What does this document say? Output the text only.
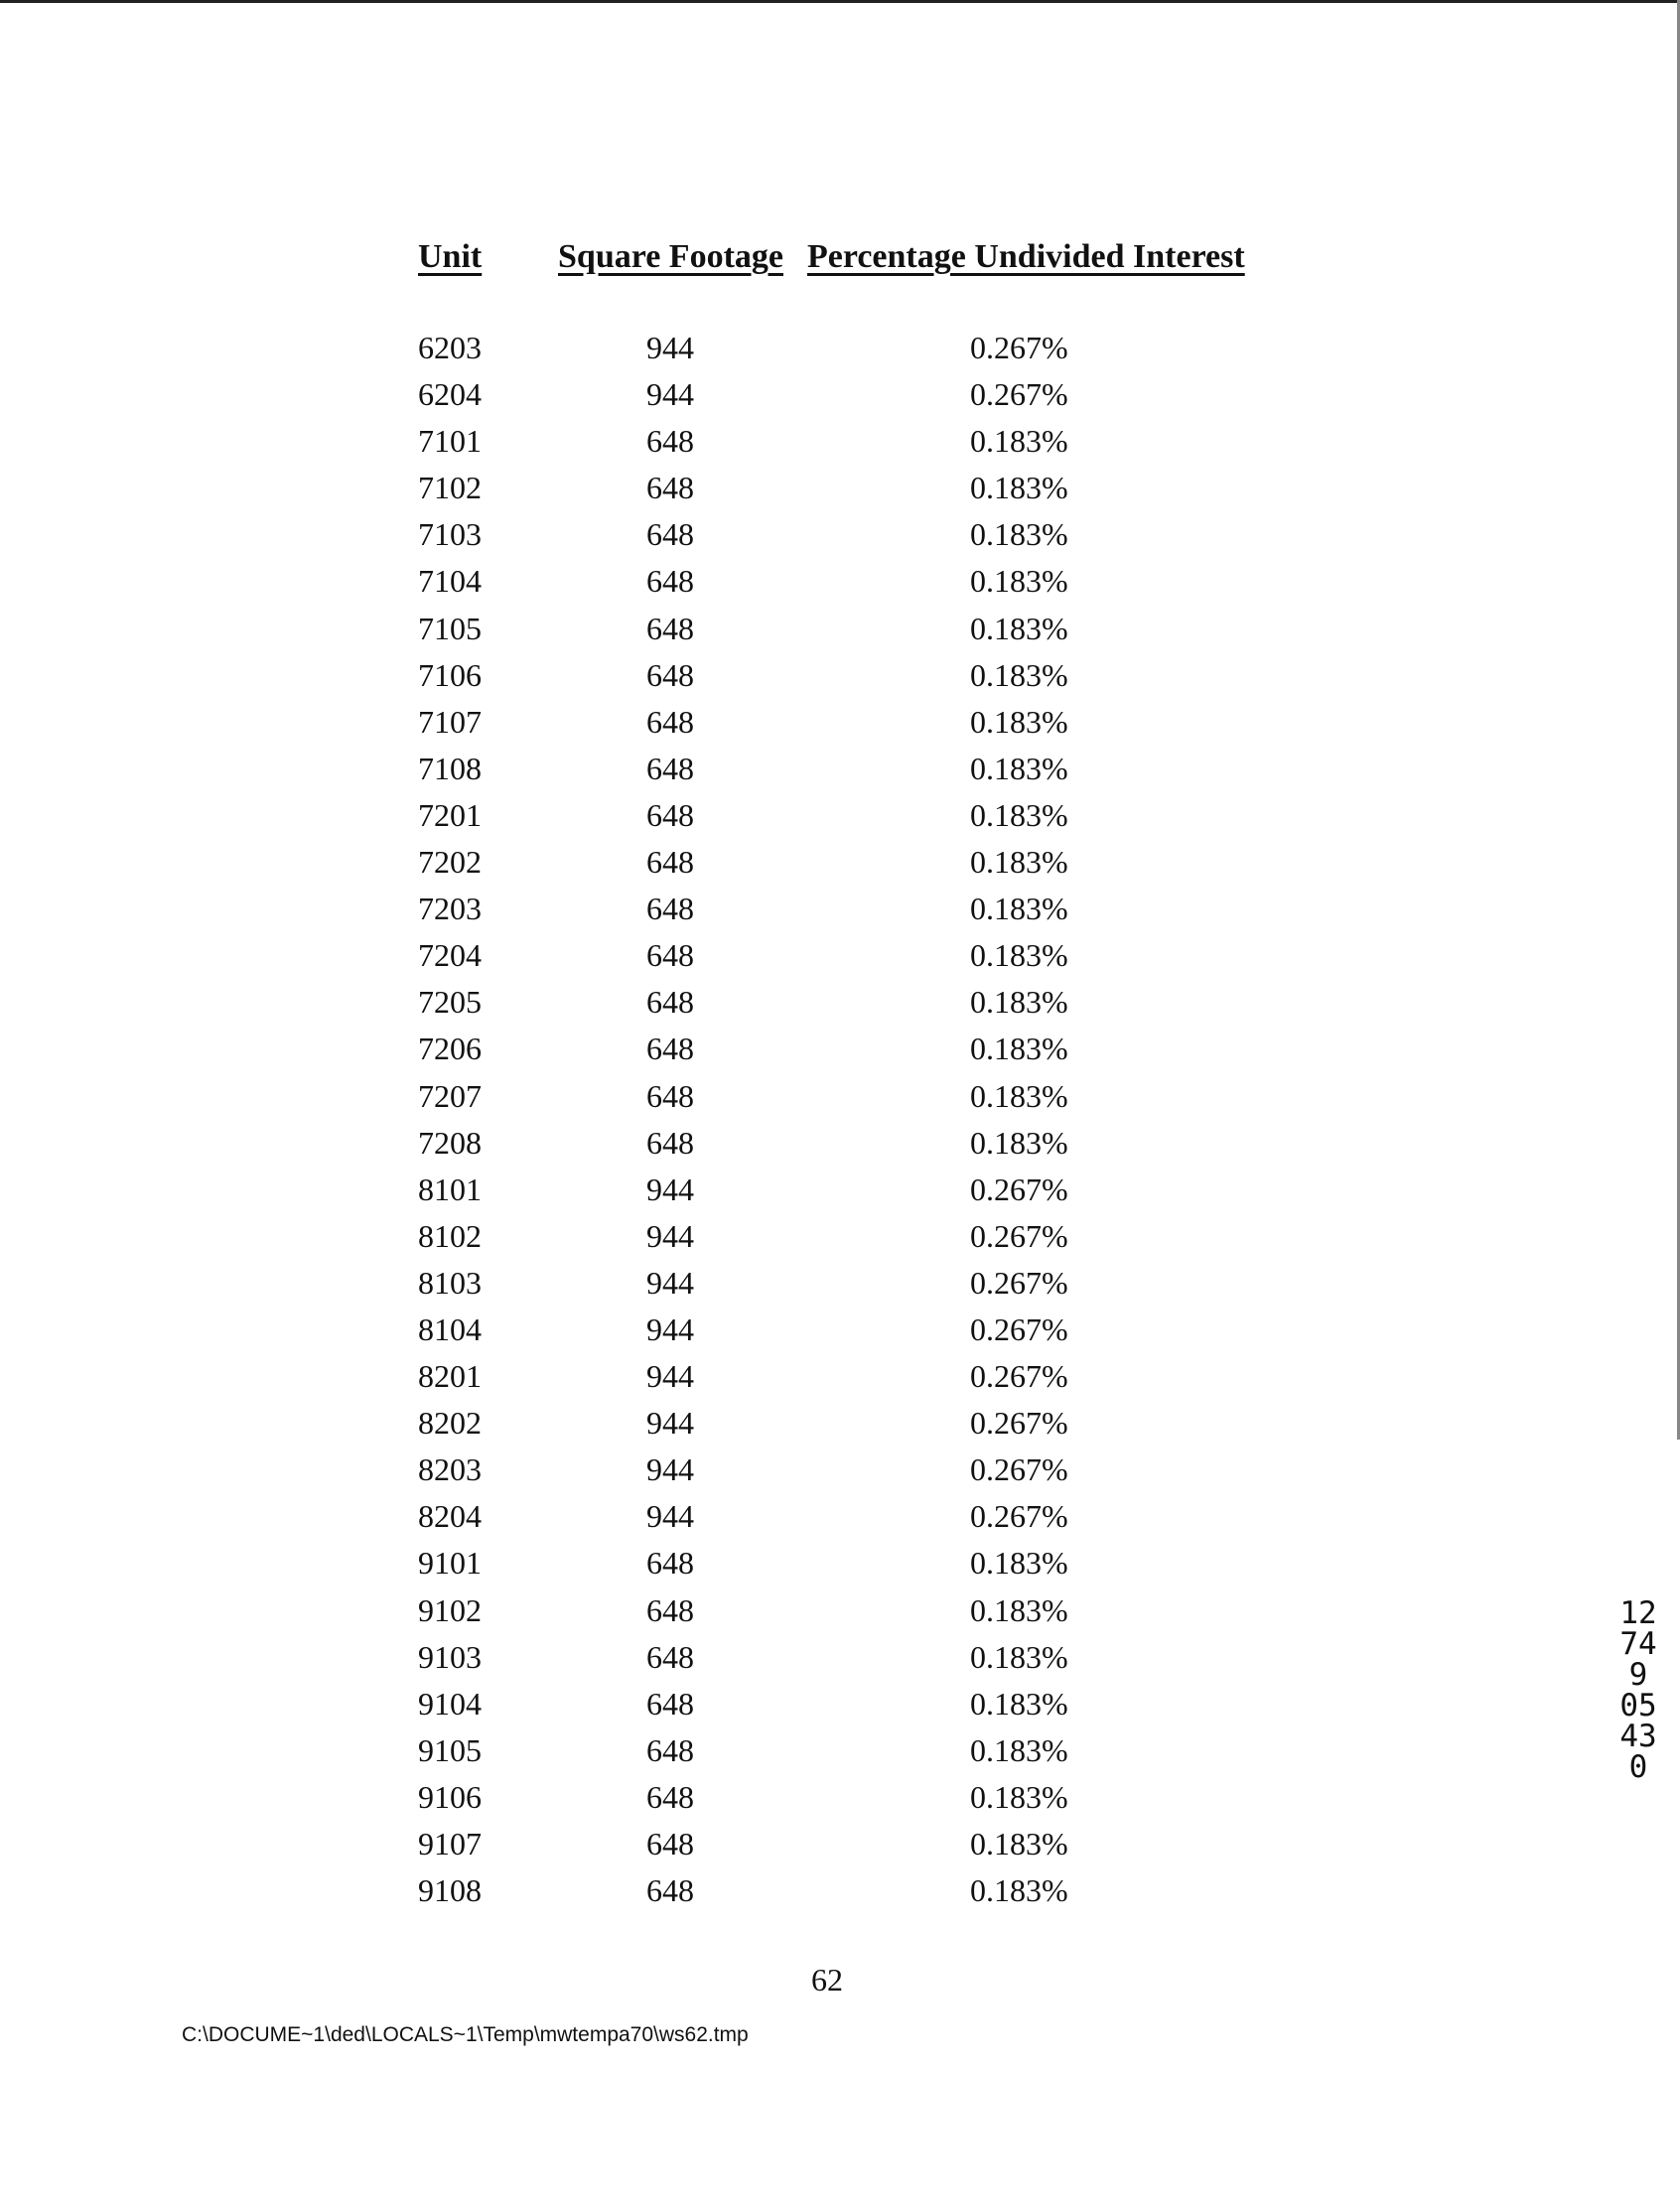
Unit Square Footage Percentage Undivided Interest
6203	944	0.267%
6204	944	0.267%
7101	648	0.183%
7102	648	0.183%
7103	648	0.183%
7104	648	0.183%
7105	648	0.183%
7106	648	0.183%
7107	648	0.183%
7108	648	0.183%
7201	648	0.183%
7202	648	0.183%
7203	648	0.183%
7204	648	0.183%
7205	648	0.183%
7206	648	0.183%
7207	648	0.183%
7208	648	0.183%
8101	944	0.267%
8102	944	0.267%
8103	944	0.267%
8104	944	0.267%
8201	944	0.267%
8202	944	0.267%
8203	944	0.267%
8204	944	0.267%
9101	648	0.183%
9102	648	0.183%
9103	648	0.183%
9104	648	0.183%
9105	648	0.183%
9106	648	0.183%
9107	648	0.183%
9108	648	0.183%
62
C:\DOCUME~1\ded\LOCALS~1\Temp\mwtempa70\ws62.tmp
12749 05430
